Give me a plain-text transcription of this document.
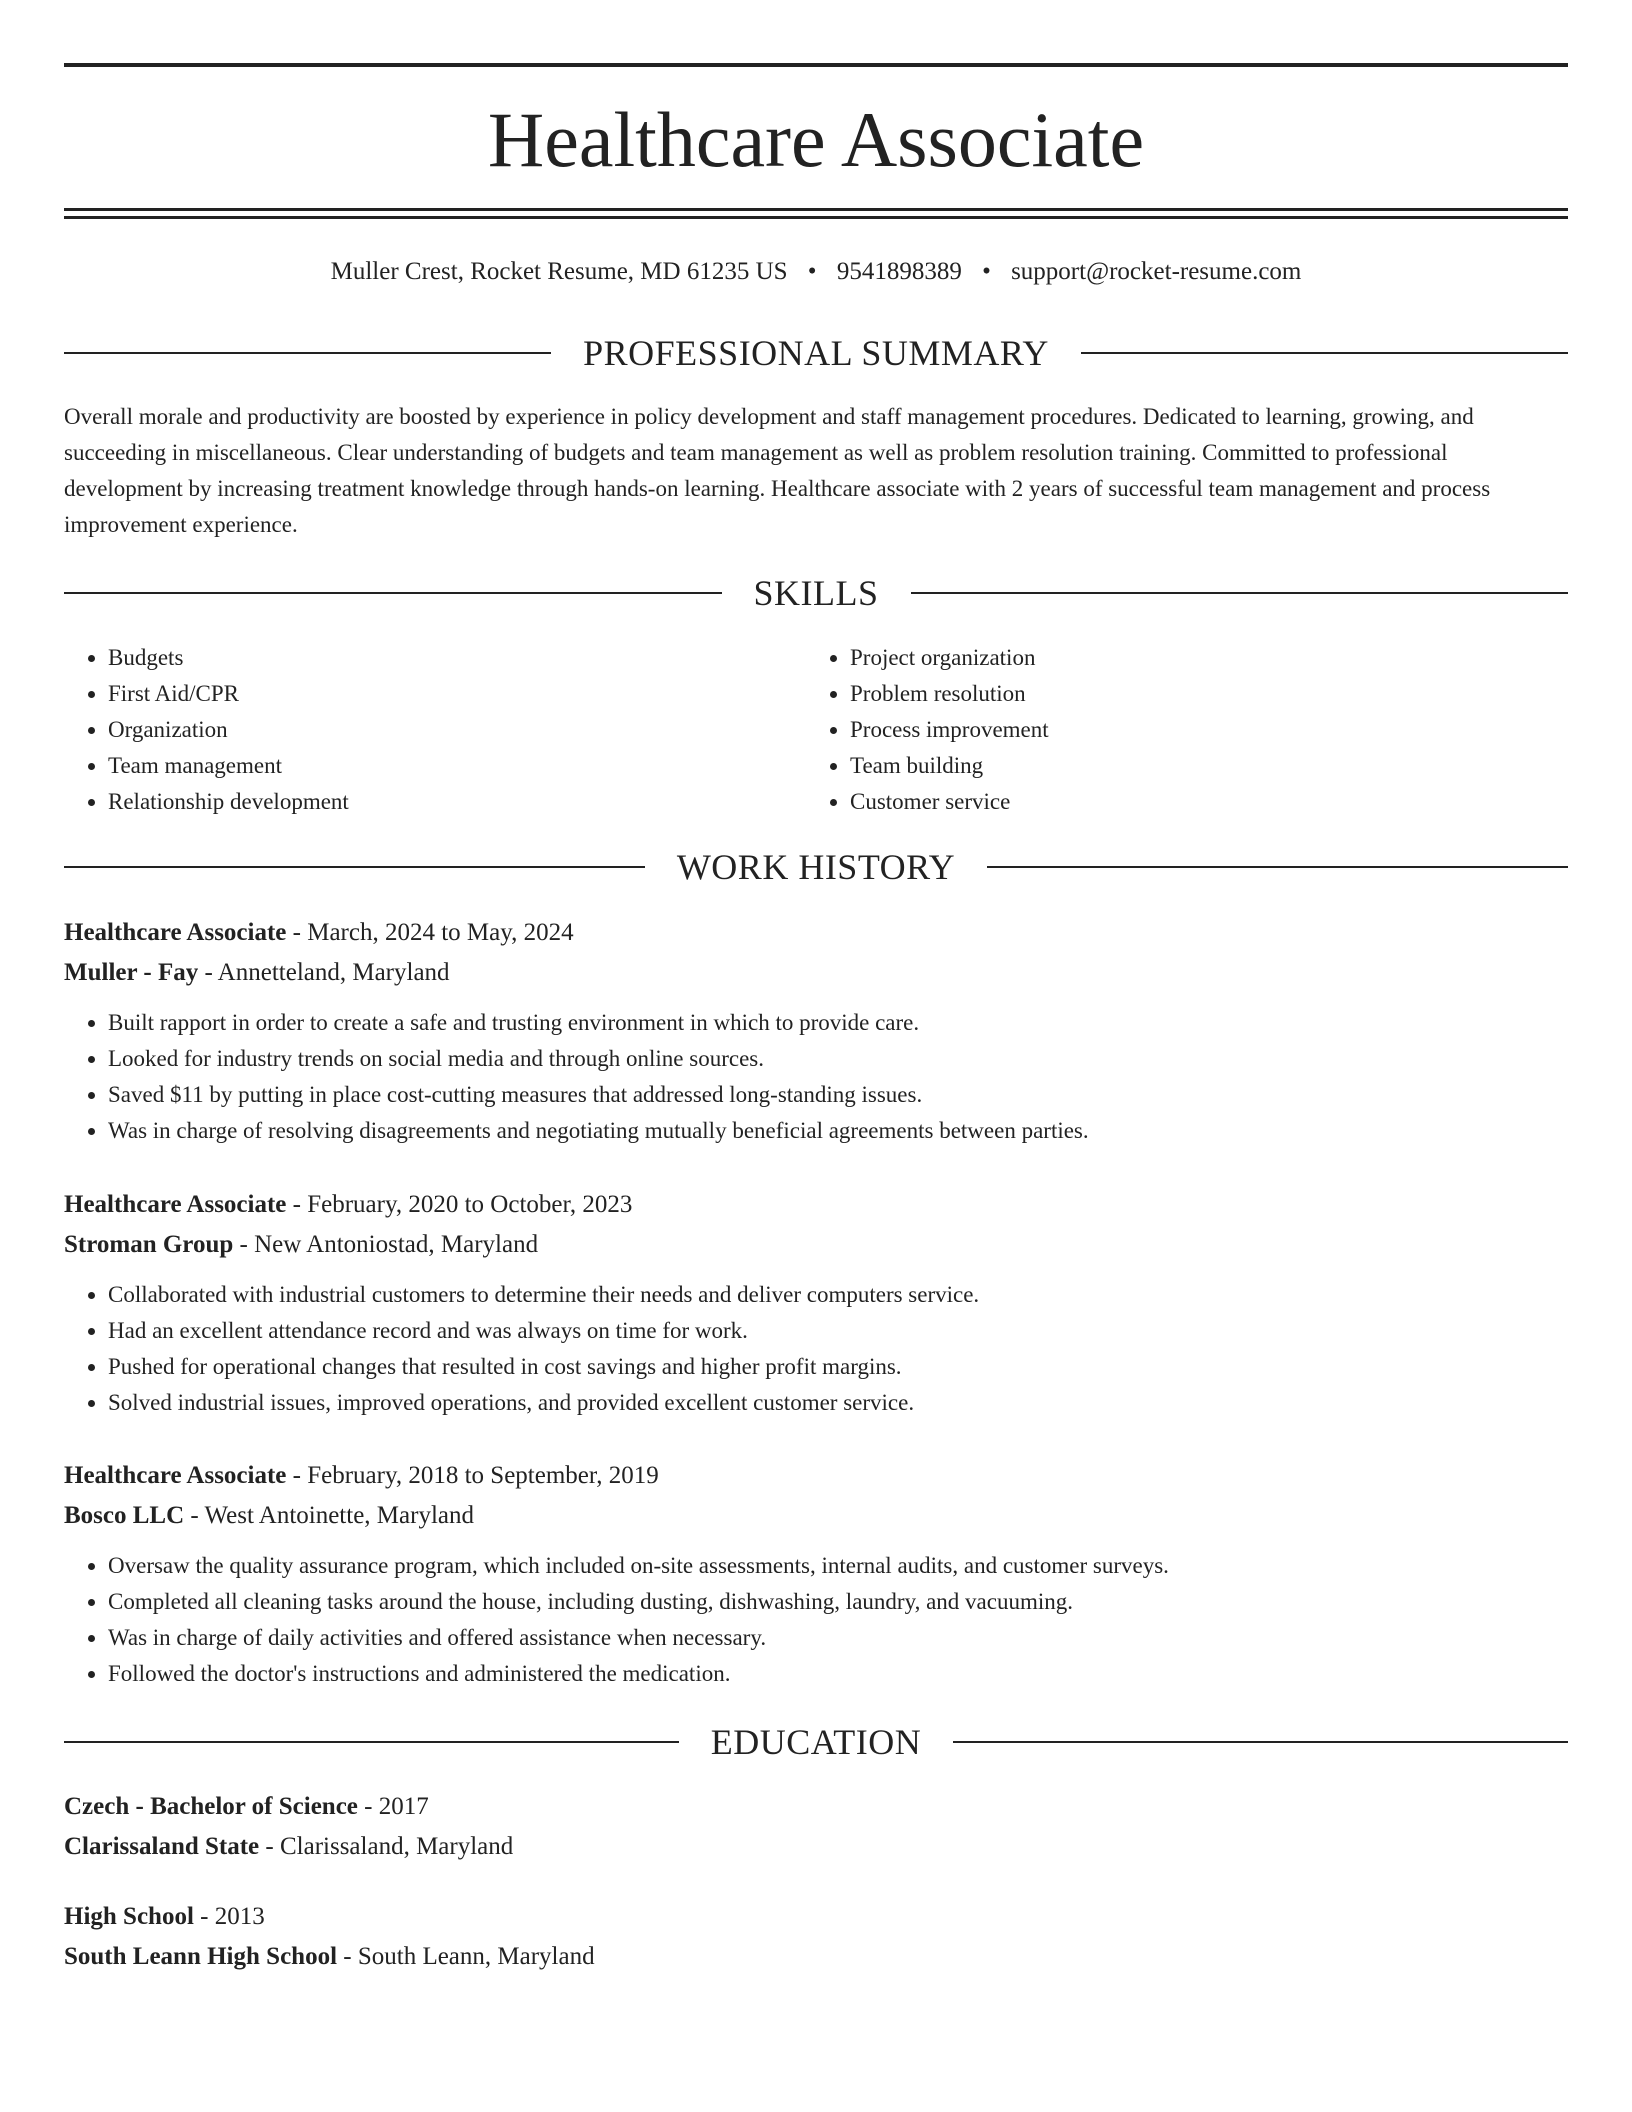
Healthcare Associate
Muller Crest, Rocket Resume, MD 61235 US • 9541898389 • support@rocket-resume.com
PROFESSIONAL SUMMARY

Overall morale and productivity are boosted by experience in policy development and staff management procedures. Dedicated to learning, growing, and succeeding in miscellaneous. Clear understanding of budgets and team management as well as problem resolution training. Committed to professional development by increasing treatment knowledge through hands-on learning. Healthcare associate with 2 years of successful team management and process improvement experience.

SKILLS
• Budgets
• First Aid/CPR
• Organization
• Team management
• Relationship development
• Project organization
• Problem resolution
• Process improvement
• Team building
• Customer service
WORK HISTORY
Healthcare Associate - March, 2024 to May, 2024
Muller - Fay - Annetteland, Maryland
• Built rapport in order to create a safe and trusting environment in which to provide care.
• Looked for industry trends on social media and through online sources.
• Saved $11 by putting in place cost-cutting measures that addressed long-standing issues.
• Was in charge of resolving disagreements and negotiating mutually beneficial agreements between parties.
Healthcare Associate - February, 2020 to October, 2023
Stroman Group - New Antoniostad, Maryland
• Collaborated with industrial customers to determine their needs and deliver computers service.
• Had an excellent attendance record and was always on time for work.
• Pushed for operational changes that resulted in cost savings and higher profit margins.
• Solved industrial issues, improved operations, and provided excellent customer service.
Healthcare Associate - February, 2018 to September, 2019
Bosco LLC - West Antoinette, Maryland
• Oversaw the quality assurance program, which included on-site assessments, internal audits, and customer surveys.
• Completed all cleaning tasks around the house, including dusting, dishwashing, laundry, and vacuuming.
• Was in charge of daily activities and offered assistance when necessary.
• Followed the doctor's instructions and administered the medication.
EDUCATION
Czech - Bachelor of Science - 2017
Clarissaland State - Clarissaland, Maryland
High School - 2013
South Leann High School - South Leann, Maryland
